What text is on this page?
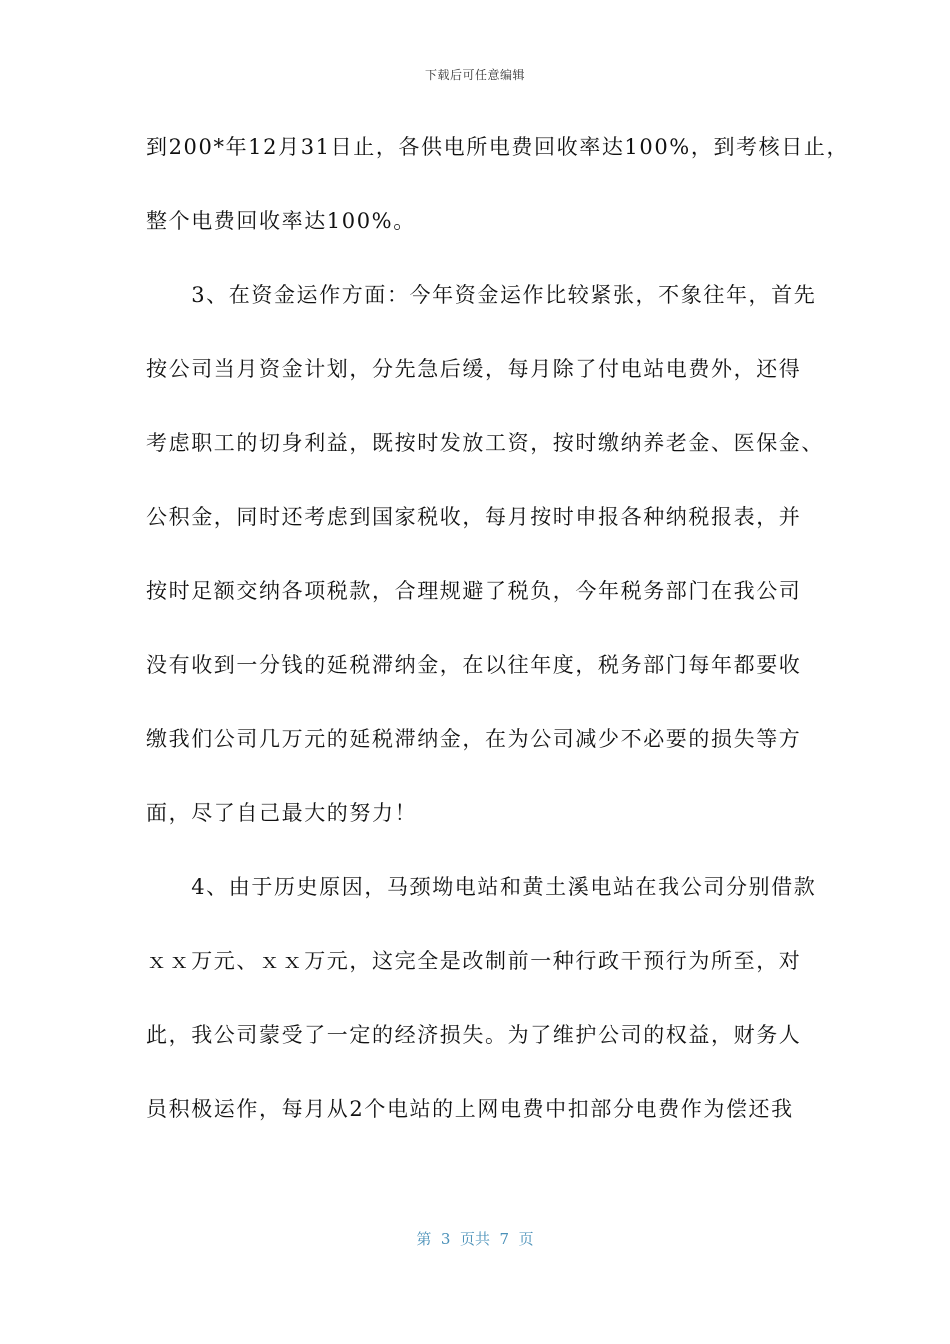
下载后可任意编辑
到200*年12月31日止，各供电所电费回收率达100%，到考核日止，
整个电费回收率达100%。
　　3、在资金运作方面：今年资金运作比较紧张，不象往年，首先
按公司当月资金计划，分先急后缓，每月除了付电站电费外，还得
考虑职工的切身利益，既按时发放工资，按时缴纳养老金、医保金、
公积金，同时还考虑到国家税收，每月按时申报各种纳税报表，并
按时足额交纳各项税款，合理规避了税负，今年税务部门在我公司
没有收到一分钱的延税滞纳金，在以往年度，税务部门每年都要收
缴我们公司几万元的延税滞纳金，在为公司减少不必要的损失等方
面，尽了自己最大的努力！
　　4、由于历史原因，马颈坳电站和黄土溪电站在我公司分别借款
ｘｘ万元、ｘｘ万元，这完全是改制前一种行政干预行为所至，对
此，我公司蒙受了一定的经济损失。为了维护公司的权益，财务人
员积极运作，每月从2个电站的上网电费中扣部分电费作为偿还我
第  3  页共  7  页
